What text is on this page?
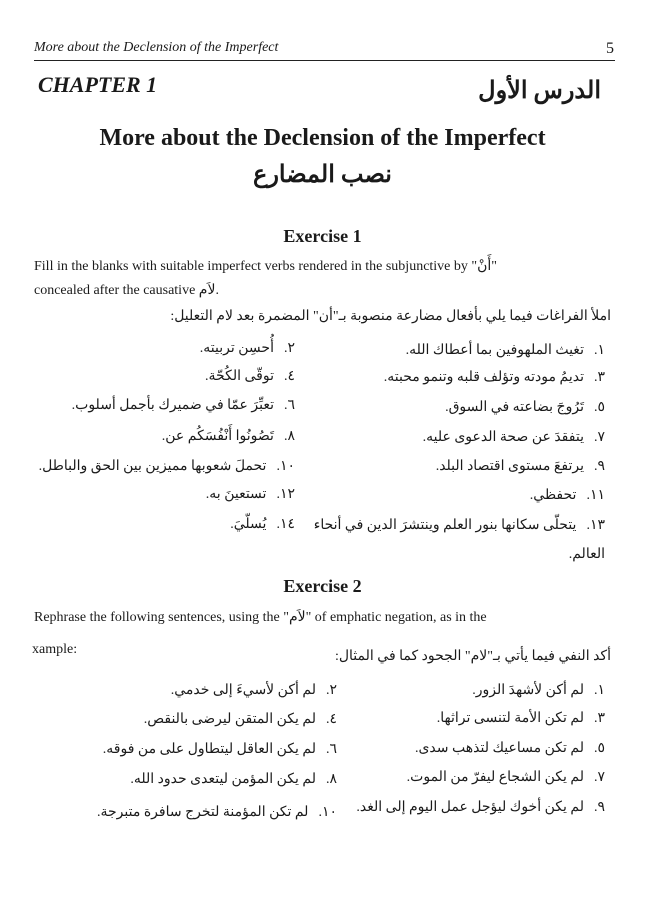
More about the Declension of the Imperfect	5
CHAPTER 1	الدرس الأول
More about the Declension of the Imperfect
نصب المضارع
Exercise 1
Fill in the blanks with suitable imperfect verbs rendered in the subjunctive by "أَنْ"
concealed after the causative لاَم.
املأ الفراغات فيما يلي بأفعال مضارعة منصوبة بـ"أن" المضمرة بعد لام التعليل:
١.تغيث الملهوفين بما أعطاك الله.
٢.أُحسِن تربيته.
٣.تديمُ مودته وتؤلف قلبه وتنمو محبته.
٤.توقّى الكُحّة.
٥.تَرُوجَ بضاعته في السوق.
٦.تعبِّرَ عمّا في ضميرك بأجمل أسلوب.
٧.يتفقدَ عن صحة الدعوى عليه.
٨.تَصُونُوا أَنْفُسَكُم عن.
٩.يرتفعَ مستوى اقتصاد البلد.
١٠.تحملَ شعوبها مميزين بين الحق والباطل.
١١.تحفظي.
١٢.تستعينَ به.
١٣.يتحلّى سكانها بنور العلم وينتشرَ الدين في أنحاء
العالم.
١٤.يُسلّيَ.
Exercise 2
Rephrase the following sentences, using the "لاَم" of emphatic negation, as in the
xample:	أكد النفي فيما يأتي بـ"لام" الجحود كما في المثال:
١.لم أكن لأشهدَ الزور.
٢.لم أكن لأسيءَ إلى خدمي.
٣.لم تكن الأمة لتنسى تراثها.
٤.لم يكن المتقن ليرضى بالنقص.
٥.لم تكن مساعيك لتذهب سدى.
٦.لم يكن العاقل ليتطاول على من فوقه.
٧.لم يكن الشجاع ليفرّ من الموت.
٨.لم يكن المؤمن ليتعدى حدود الله.
٩.لم يكن أخوك ليؤجل عمل اليوم إلى الغد.
١٠.لم تكن المؤمنة لتخرج سافرة متبرجة.
